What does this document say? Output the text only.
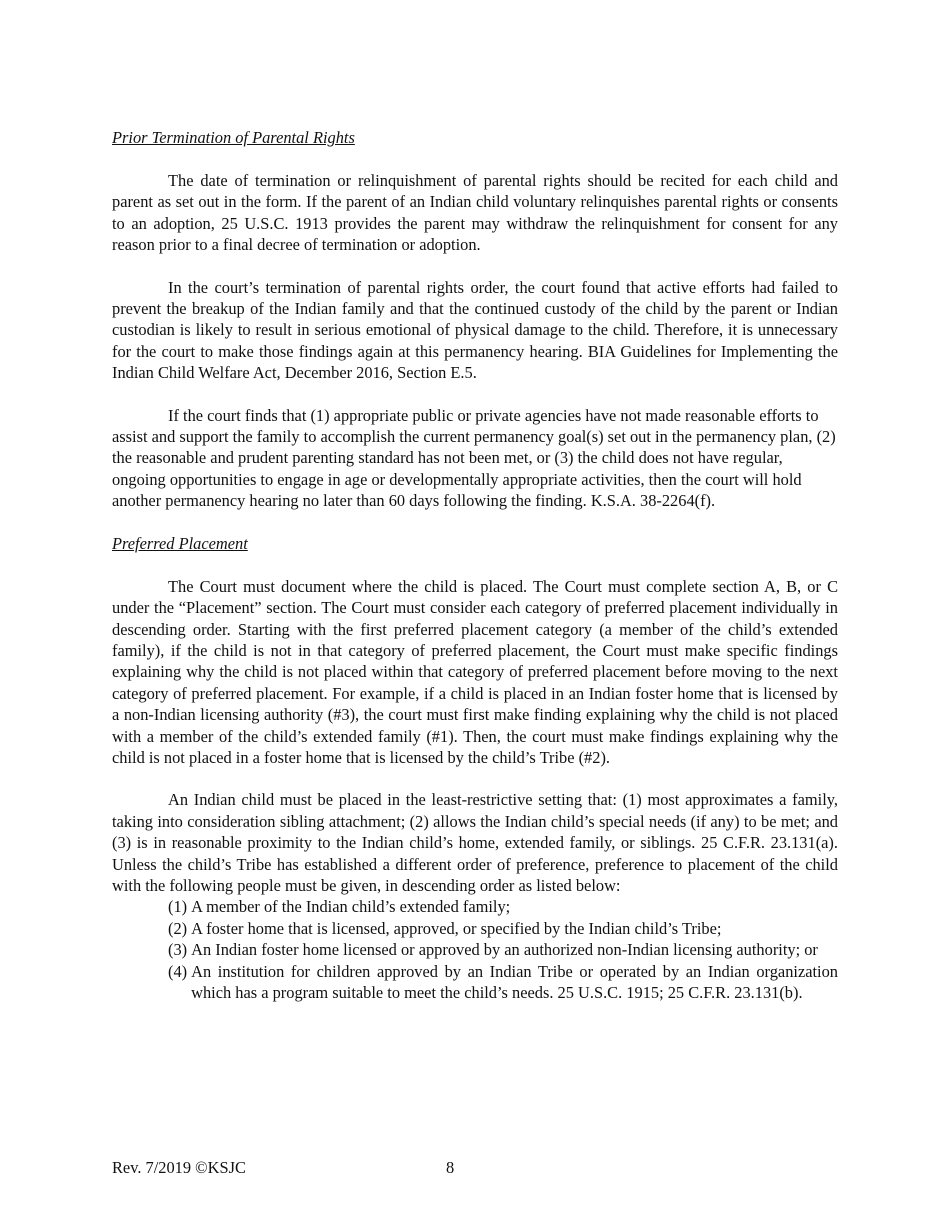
Prior Termination of Parental Rights

The date of termination or relinquishment of parental rights should be recited for each child and parent as set out in the form. If the parent of an Indian child voluntary relinquishes parental rights or consents to an adoption, 25 U.S.C. 1913 provides the parent may withdraw the relinquishment for consent for any reason prior to a final decree of termination or adoption.

In the court’s termination of parental rights order, the court found that active efforts had failed to prevent the breakup of the Indian family and that the continued custody of the child by the parent or Indian custodian is likely to result in serious emotional of physical damage to the child. Therefore, it is unnecessary for the court to make those findings again at this permanency hearing. BIA Guidelines for Implementing the Indian Child Welfare Act, December 2016, Section E.5.

If the court finds that (1) appropriate public or private agencies have not made reasonable efforts to assist and support the family to accomplish the current permanency goal(s) set out in the permanency plan, (2) the reasonable and prudent parenting standard has not been met, or (3) the child does not have regular, ongoing opportunities to engage in age or developmentally appropriate activities, then the court will hold another permanency hearing no later than 60 days following the finding. K.S.A. 38-2264(f).

Preferred Placement

The Court must document where the child is placed. The Court must complete section A, B, or C under the “Placement” section. The Court must consider each category of preferred placement individually in descending order. Starting with the first preferred placement category (a member of the child’s extended family), if the child is not in that category of preferred placement, the Court must make specific findings explaining why the child is not placed within that category of preferred placement before moving to the next category of preferred placement. For example, if a child is placed in an Indian foster home that is licensed by a non-Indian licensing authority (#3), the court must first make finding explaining why the child is not placed with a member of the child’s extended family (#1). Then, the court must make findings explaining why the child is not placed in a foster home that is licensed by the child’s Tribe (#2).

An Indian child must be placed in the least-restrictive setting that: (1) most approximates a family, taking into consideration sibling attachment; (2) allows the Indian child’s special needs (if any) to be met; and (3) is in reasonable proximity to the Indian child’s home, extended family, or siblings. 25 C.F.R. 23.131(a). Unless the child’s Tribe has established a different order of preference, preference to placement of the child with the following people must be given, in descending order as listed below:

(1) A member of the Indian child’s extended family;
(2) A foster home that is licensed, approved, or specified by the Indian child’s Tribe;
(3) An Indian foster home licensed or approved by an authorized non-Indian licensing authority; or
(4) An institution for children approved by an Indian Tribe or operated by an Indian organization which has a program suitable to meet the child’s needs. 25 U.S.C. 1915; 25 C.F.R. 23.131(b).
Rev. 7/2019 ©KSJC	8
